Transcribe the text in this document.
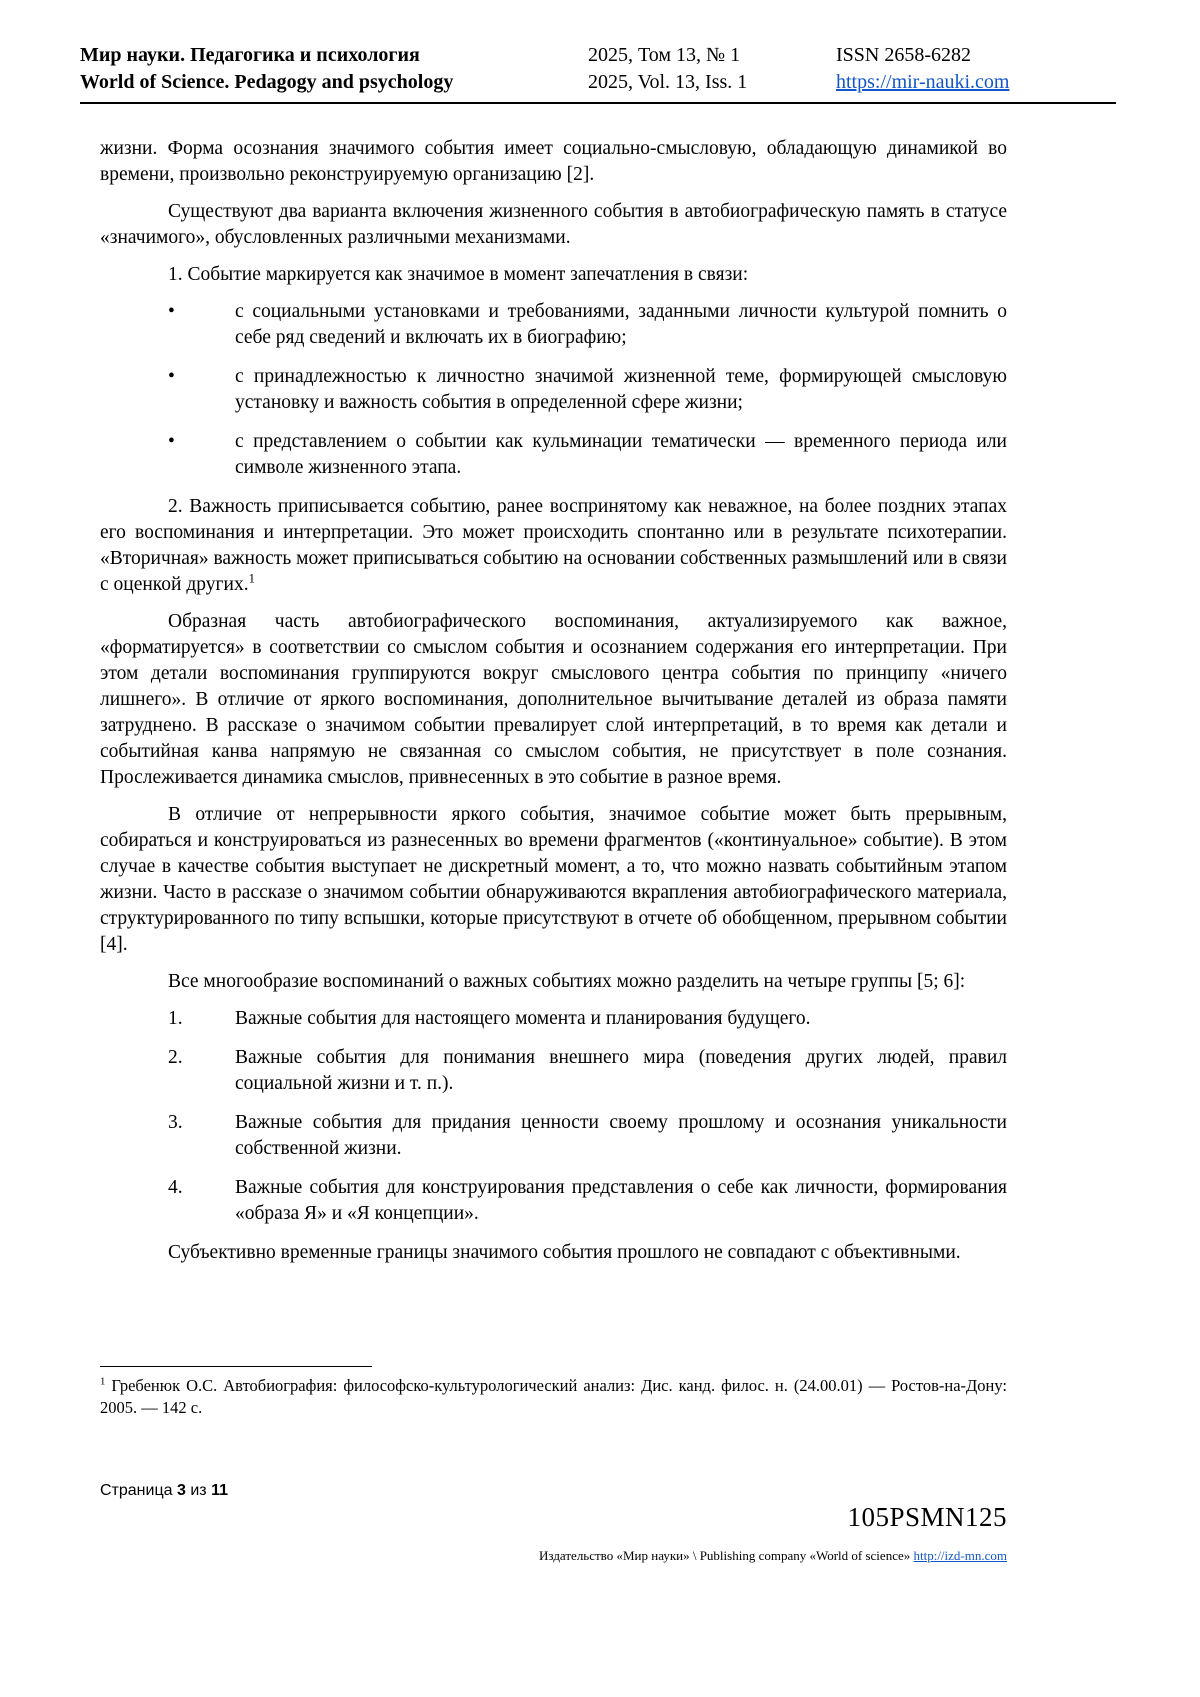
Мир науки. Педагогика и психология
World of Science. Pedagogy and psychology
2025, Том 13, № 1
2025, Vol. 13, Iss. 1
ISSN 2658-6282
https://mir-nauki.com

жизни. Форма осознания значимого события имеет социально-смысловую, обладающую динамикой во времени, произвольно реконструируемую организацию [2].

Существуют два варианта включения жизненного события в автобиографическую память в статусе «значимого», обусловленных различными механизмами.

1. Событие маркируется как значимое в момент запечатления в связи:

•	с социальными установками и требованиями, заданными личности культурой помнить о себе ряд сведений и включать их в биографию;
•	с принадлежностью к личностно значимой жизненной теме, формирующей смысловую установку и важность события в определенной сфере жизни;
•	с представлением о событии как кульминации тематически — временного периода или символе жизненного этапа.

2. Важность приписывается событию, ранее воспринятому как неважное, на более поздних этапах его воспоминания и интерпретации. Это может происходить спонтанно или в результате психотерапии. «Вторичная» важность может приписываться событию на основании собственных размышлений или в связи с оценкой других.$^1$

Образная часть автобиографического воспоминания, актуализируемого как важное, «форматируется» в соответствии со смыслом события и осознанием содержания его интерпретации. При этом детали воспоминания группируются вокруг смыслового центра события по принципу «ничего лишнего». В отличие от яркого воспоминания, дополнительное вычитывание деталей из образа памяти затруднено. В рассказе о значимом событии превалирует слой интерпретаций, в то время как детали и событийная канва напрямую не связанная со смыслом события, не присутствует в поле сознания. Прослеживается динамика смыслов, привнесенных в это событие в разное время.

В отличие от непрерывности яркого события, значимое событие может быть прерывным, собираться и конструироваться из разнесенных во времени фрагментов («континуальное» событие). В этом случае в качестве события выступает не дискретный момент, а то, что можно назвать событийным этапом жизни. Часто в рассказе о значимом событии обнаруживаются вкрапления автобиографического материала, структурированного по типу вспышки, которые присутствуют в отчете об обобщенном, прерывном событии [4].

Все многообразие воспоминаний о важных событиях можно разделить на четыре группы [5; 6]:

1.	Важные события для настоящего момента и планирования будущего.
2.	Важные события для понимания внешнего мира (поведения других людей, правил социальной жизни и т. п.).
3.	Важные события для придания ценности своему прошлому и осознания уникальности собственной жизни.
4.	Важные события для конструирования представления о себе как личности, формирования «образа Я» и «Я концепции».

Субъективно временные границы значимого события прошлого не совпадают с объективными.

$^1$ Гребенюк О.С. Автобиография: философско-культурологический анализ: Дис. канд. филос. н. (24.00.01) — Ростов-на-Дону: 2005. — 142 с.

Страница 3 из 11
105PSMN125
Издательство «Мир науки» \ Publishing company «World of science» http://izd-mn.com
